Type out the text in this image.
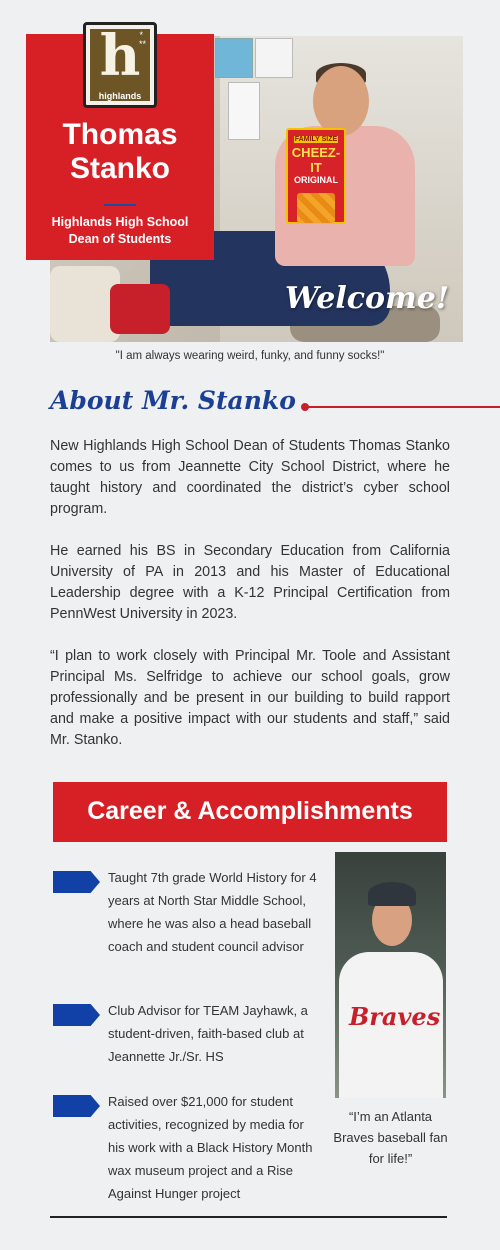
FAMILY SIZE
CHEEZ-IT
ORIGINAL
Welcome!
h *
**
highlands
Thomas
Stanko
Highlands High School
Dean of Students
"I am always wearing weird, funky, and funny socks!"
About Mr. Stanko

New Highlands High School Dean of Students Thomas Stanko comes to us from Jeannette City School District, where he taught history and coordinated the district’s cyber school program.

He earned his BS in Secondary Education from California University of PA in 2013 and his Master of Educational Leadership degree with a K-12 Principal Certification from PennWest University in 2023.

“I plan to work closely with Principal Mr. Toole and Assistant Principal Ms. Selfridge to achieve our school goals, grow professionally and be present in our building to build rapport and make a positive impact with our students and staff,” said Mr. Stanko.

Career & Accomplishments
Taught 7th grade World History for 4 years at North Star Middle School, where he was also a head baseball coach and student council advisor
Club Advisor for TEAM Jayhawk, a student-driven, faith-based club at Jeannette Jr./Sr. HS
Raised over $21,000 for student activities, recognized by media for his work with a Black History Month wax museum project and a Rise Against Hunger project
Braves
“I’m an Atlanta Braves baseball fan for life!”
